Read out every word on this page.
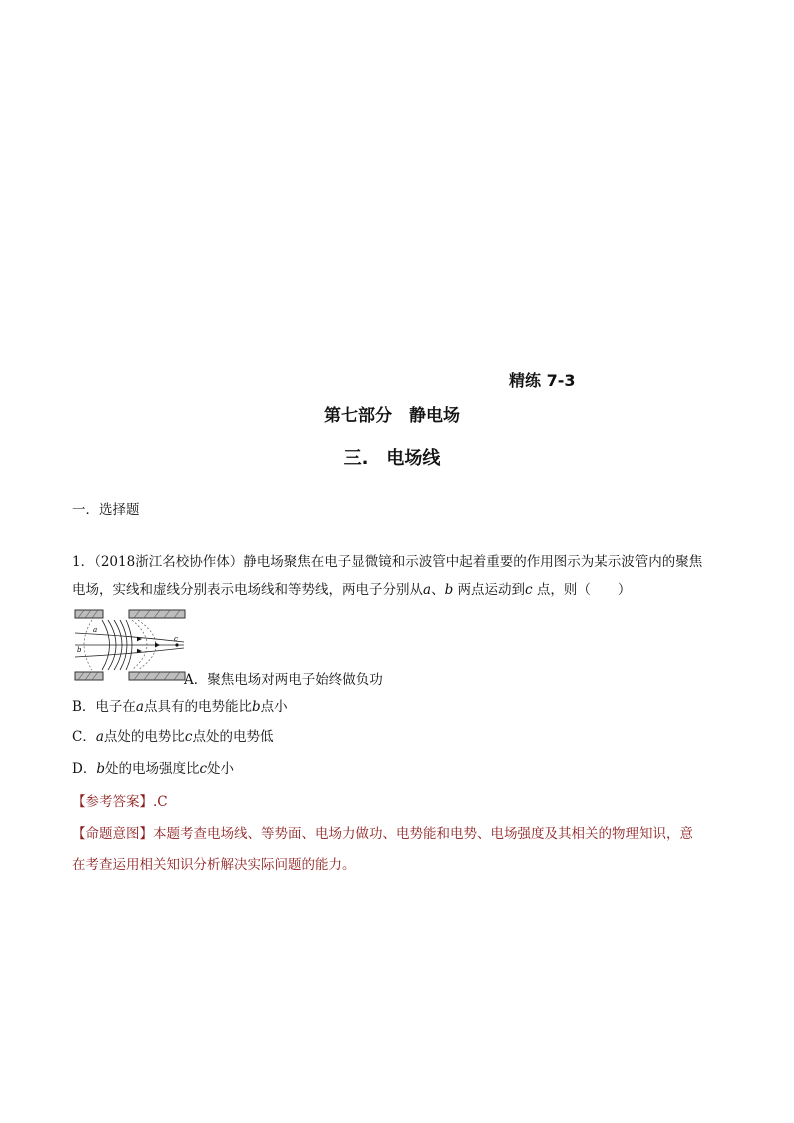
精练 7-3
第七部分　静电场
三.　电场线
一．选择题
1．（2018浙江名校协作体）静电场聚焦在电子显微镜和示波管中起着重要的作用图示为某示波管内的聚焦
电场，实线和虚线分别表示电场线和等势线，两电子分别从a、b 两点运动到c 点，则（　　）
c
a
b
A．聚焦电场对两电子始终做负功
B．电子在a点具有的电势能比b点小
C．a点处的电势比c点处的电势低
D．b处的电场强度比c处小
【参考答案】.C
【命题意图】本题考查电场线、等势面、电场力做功、电势能和电势、电场强度及其相关的物理知识，意
在考查运用相关知识分析解决实际问题的能力。
